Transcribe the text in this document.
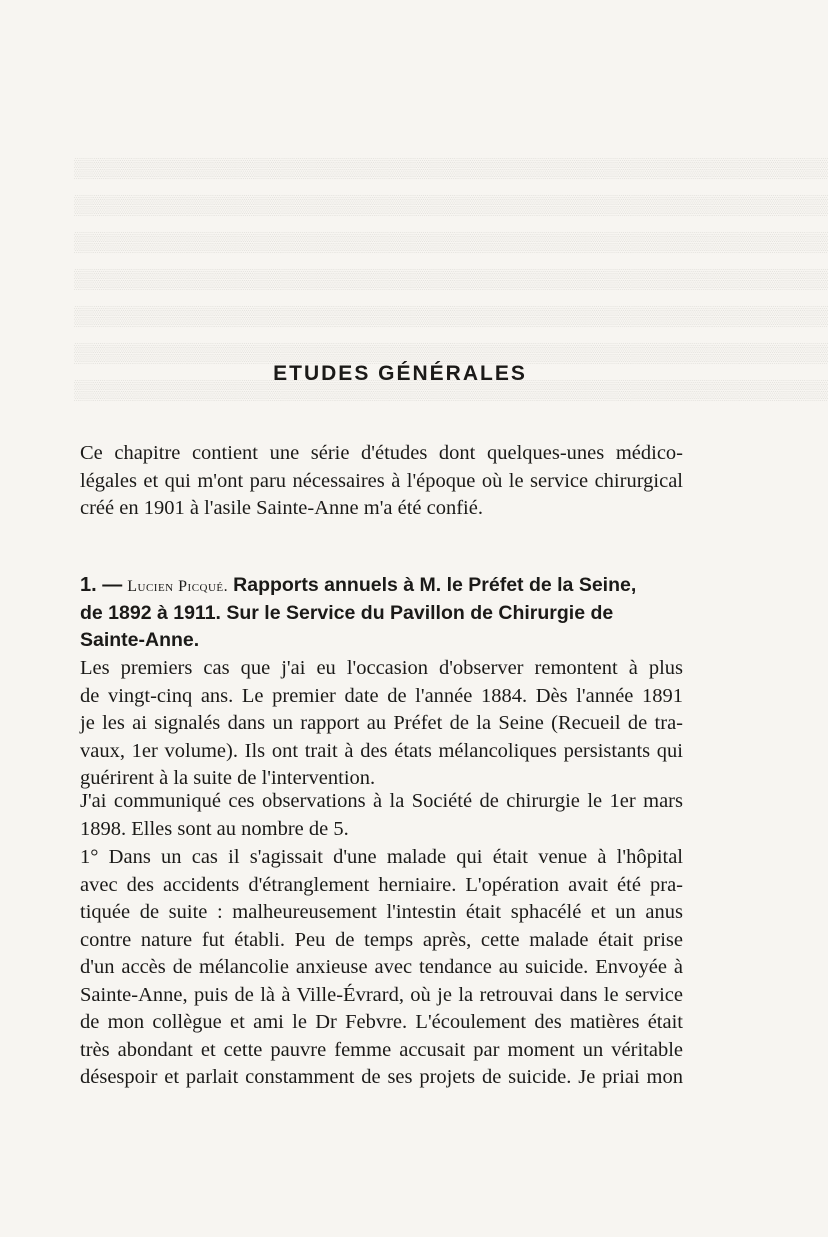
▒▒▒▒▒▒▒▒▒▒▒▒▒▒▒▒▒▒▒▒▒▒▒▒▒▒▒▒▒▒▒▒▒▒▒▒▒▒▒▒▒▒▒▒▒▒▒▒▒▒▒▒▒▒▒▒
▒▒▒▒▒▒▒▒▒▒▒▒▒▒▒▒▒▒▒▒▒▒▒▒▒▒▒▒▒▒▒▒▒▒▒▒▒▒▒▒▒▒▒▒▒▒▒▒▒▒▒▒▒▒▒▒
▒▒▒▒▒▒▒▒▒▒▒▒▒▒▒▒▒▒▒▒▒▒▒▒▒▒▒▒▒▒▒▒▒▒▒▒▒▒▒▒▒▒▒▒▒▒▒▒▒▒▒▒▒▒▒▒
▒▒▒▒▒▒▒▒▒▒▒▒▒▒▒▒▒▒▒▒▒▒▒▒▒▒▒▒▒▒▒▒▒▒▒▒▒▒▒▒▒▒▒▒▒▒▒▒▒▒▒▒▒▒▒▒
▒▒▒▒▒▒▒▒▒▒▒▒▒▒▒▒▒▒▒▒▒▒▒▒▒▒▒▒▒▒▒▒▒▒▒▒▒▒▒▒▒▒▒▒▒▒▒▒▒▒▒▒▒▒▒▒
▒▒▒▒▒▒▒▒▒▒▒▒▒▒▒▒▒▒▒▒▒▒▒▒▒▒▒▒▒▒▒▒▒▒▒▒▒▒▒▒▒▒▒▒▒▒▒▒▒▒▒▒▒▒▒▒
▒▒▒▒▒▒▒▒▒▒▒▒▒▒▒▒▒▒▒▒▒▒▒▒▒▒▒▒▒▒▒▒▒▒▒▒▒▒▒▒▒▒▒▒▒▒▒▒▒▒▒▒▒▒▒▒
ETUDES GÉNÉRALES
Ce chapitre contient une série d'études dont quelques-unes médico-
légales et qui m'ont paru nécessaires à l'époque où le service chirurgical
créé en 1901 à l'asile Sainte-Anne m'a été confié.
1. — Lucien Picqué. Rapports annuels à M. le Préfet de la Seine,
de 1892 à 1911. Sur le Service du Pavillon de Chirurgie de
Sainte-Anne.
Les premiers cas que j'ai eu l'occasion d'observer remontent à plus
de vingt-cinq ans. Le premier date de l'année 1884. Dès l'année 1891
je les ai signalés dans un rapport au Préfet de la Seine (Recueil de tra-
vaux, 1er volume). Ils ont trait à des états mélancoliques persistants qui
guérirent à la suite de l'intervention.
J'ai communiqué ces observations à la Société de chirurgie le 1er mars
1898. Elles sont au nombre de 5.
1° Dans un cas il s'agissait d'une malade qui était venue à l'hôpital
avec des accidents d'étranglement herniaire. L'opération avait été pra-
tiquée de suite : malheureusement l'intestin était sphacélé et un anus
contre nature fut établi. Peu de temps après, cette malade était prise
d'un accès de mélancolie anxieuse avec tendance au suicide. Envoyée à
Sainte-Anne, puis de là à Ville-Évrard, où je la retrouvai dans le service
de mon collègue et ami le Dr Febvre. L'écoulement des matières était
très abondant et cette pauvre femme accusait par moment un véritable
désespoir et parlait constamment de ses projets de suicide. Je priai mon
